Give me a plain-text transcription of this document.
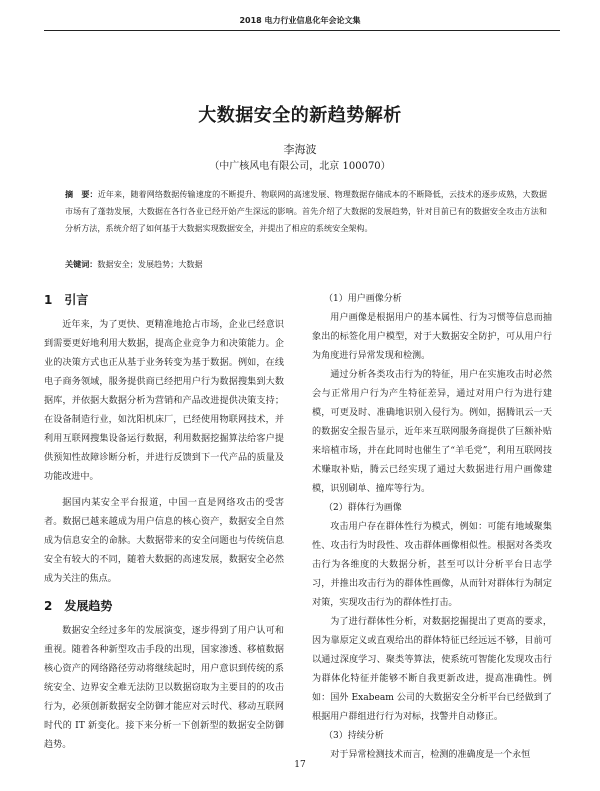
2018 电力行业信息化年会论文集
大数据安全的新趋势解析
李海波
（中广核风电有限公司，北京 100070）

摘　要：近年来，随着网络数据传输速度的不断提升、物联网的高速发展、物理数据存储成本的不断降低，云技术的逐步成熟，大数据市场有了蓬勃发展，大数据在各行各业已经开始产生深远的影响。首先介绍了大数据的发展趋势，针对目前已有的数据安全攻击方法和分析方法，系统介绍了如何基于大数据实现数据安全，并提出了相应的系统安全架构。

关键词：数据安全；发展趋势；大数据

1　引言

近年来，为了更快、更精准地抢占市场，企业已经意识到需要更好地利用大数据，提高企业竞争力和决策能力。企业的决策方式也正从基于业务转变为基于数据。例如，在线电子商务领域，服务提供商已经把用户行为数据搜集到大数据库，并依据大数据分析为营销和产品改进提供决策支持；在设备制造行业，如沈阳机床厂，已经使用物联网技术，并利用互联网搜集设备运行数据，利用数据挖掘算法给客户提供预知性故障诊断分析，并进行反馈到下一代产品的质量及功能改进中。

据国内某安全平台报道，中国一直是网络攻击的受害者。数据已越来越成为用户信息的核心资产，数据安全自然成为信息安全的命脉。大数据带来的安全问题也与传统信息安全有较大的不同，随着大数据的高速发展，数据安全必然成为关注的焦点。

2　发展趋势

数据安全经过多年的发展演变，逐步得到了用户认可和重视。随着各种新型攻击手段的出现，国家渗透、移植数据核心资产的网络路径劳动将继续起时，用户意识到传统的系统安全、边界安全难无法防卫以数据窃取为主要目的的攻击行为，必须创新数据安全防御才能应对云时代、移动互联网时代的 IT 新变化。接下来分析一下创新型的数据安全防御趋势。

（1）用户画像分析

用户画像是根据用户的基本属性、行为习惯等信息而抽象出的标签化用户模型，对于大数据安全防护，可从用户行为角度进行异常发现和检测。

通过分析各类攻击行为的特征，用户在实施攻击时必然会与正常用户行为产生特征差异，通过对用户行为进行建模，可更及时、准确地识别入侵行为。例如，据腾讯云一天的数据安全报告显示，近年来互联网服务商提供了巨额补贴来培植市场，并在此同时也催生了“羊毛党”，利用互联网技术赚取补贴，腾云已经实现了通过大数据进行用户画像建模，识别刷单、撞库等行为。

（2）群体行为画像

攻击用户存在群体性行为模式，例如：可能有地域聚集性、攻击行为时段性、攻击群体画像相似性。根据对各类攻击行为各维度的大数据分析，甚至可以计分析平台日志学习，并推出攻击行为的群体性画像，从而针对群体行为制定对策，实现攻击行为的群体性打击。

为了进行群体性分析，对数据挖掘提出了更高的要求，因为靠原定义或直观给出的群体特征已经远远不够，目前可以通过深度学习、聚类等算法，使系统可智能化发现攻击行为群体化特征并能够不断自我更新改进，提高准确性。例如：国外 Exabeam 公司的大数据安全分析平台已经做到了根据用户群组进行行为对标，找警并自动修正。

（3）持续分析

对于异常检测技术而言，检测的准确度是一个永恒

17
